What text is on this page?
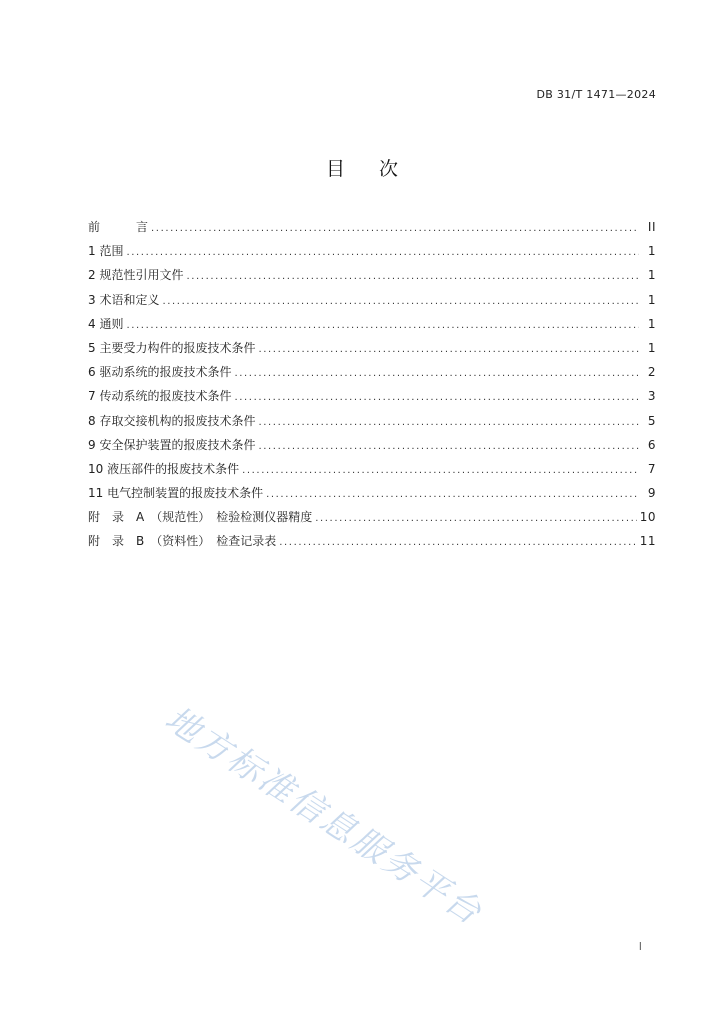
DB 31/T 1471—2024
目 次
前　　　言 .....	II
1 范围 .....	1
2 规范性引用文件 .....	1
3 术语和定义 .....	1
4 通则 .....	1
5 主要受力构件的报废技术条件 .....	1
6 驱动系统的报废技术条件 .....	2
7 传动系统的报废技术条件 .....	3
8 存取交接机构的报废技术条件 .....	5
9 安全保护装置的报废技术条件 .....	6
10 液压部件的报废技术条件 .....	7
11 电气控制装置的报废技术条件 .....	9
附　录　A　（规范性）　检验检测仪器精度 .....	10
附　录　B　（资料性）　检查记录表 .....	11
地方标准信息服务平台
I
